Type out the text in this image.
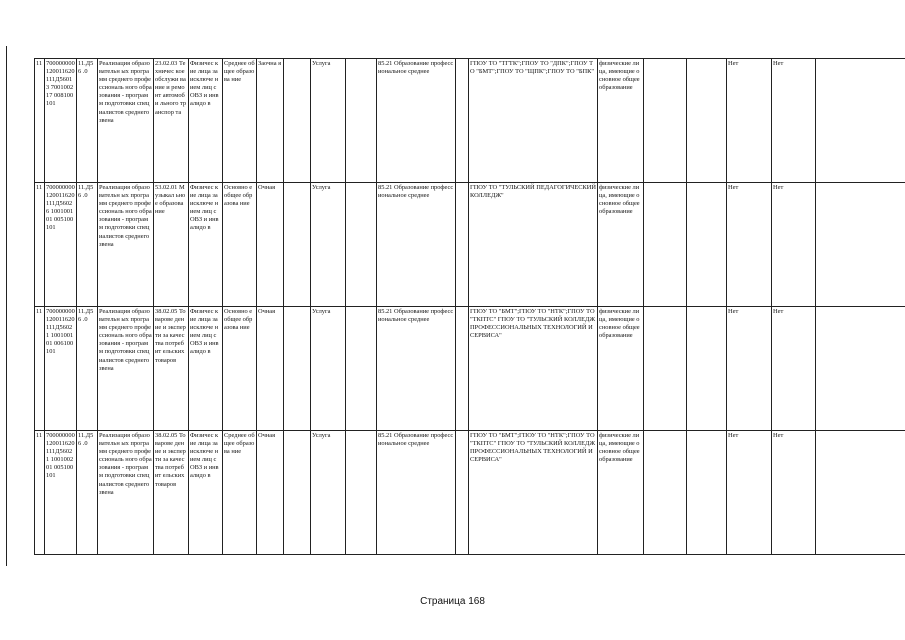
11	700000000 120011620 111Д56013 700100217 008100101	11.Д56 .0	Реализация образовательн ых программ среднего профессиональ ного образования - программ подготовки специалистов среднего звена	23.02.03 Техничес кое обслужи вание и ремонт автомоби льного транспор та	Физичес кие лица за исключе нием лиц с ОВЗ и инвалидо в	Среднее общее образова ние	Заочна я		Услуга		85.21 Образование профессиональное среднее		ГПОУ ТО "ТГТК";ГПОУ ТО "ДПК";ГПОУ ТО "БМТ";ГПОУ ТО "ЩПК";ГПОУ ТО "БПК"	физические лица, имеющие основное общее образование			Нет	Нет	
11	700000000 120011620 111Д56026 100100101 005100101	11.Д56 .0	Реализация образовательн ых программ среднего профессиональ ного образования - программ подготовки специалистов среднего звена	53.02.01 Музыкал ьное образова ние	Физичес кие лица за исключе нием лиц с ОВЗ и инвалидо в	Основно е общее образова ние	Очная		Услуга		85.21 Образование профессиональное среднее		ГПОУ ТО "ТУЛЬСКИЙ ПЕДАГОГИЧЕСКИЙ КОЛЛЕДЖ"	физические лица, имеющие основное общее образование			Нет	Нет	
11	700000000 120011620 111Д56021 100100101 006100101	11.Д56 .0	Реализация образовательн ых программ среднего профессиональ ного образования - программ подготовки специалистов среднего звена	38.02.05 Товарове дение и эксперти за качества потребит ельских товаров	Физичес кие лица за исключе нием лиц с ОВЗ и инвалидо в	Основно е общее образова ние	Очная		Услуга		85.21 Образование профессиональное среднее		ГПОУ ТО "БМТ";ГПОУ ТО "НТК";ГПОУ ТО "ТКПТС" ГПОУ ТО "ТУЛЬСКИЙ КОЛЛЕДЖ ПРОФЕССИОНАЛЬНЫХ ТЕХНОЛОГИЙ И СЕРВИСА"	физические лица, имеющие основное общее образование			Нет	Нет	
11	700000000 120011620 111Д56021 100100201 005100101	11.Д56 .0	Реализация образовательн ых программ среднего профессиональ ного образования - программ подготовки специалистов среднего звена	38.02.05 Товарове дение и эксперти за качества потребит ельских товаров	Физичес кие лица за исключе нием лиц с ОВЗ и инвалидо в	Среднее общее образова ние	Очная		Услуга		85.21 Образование профессиональное среднее		ГПОУ ТО "БМТ";ГПОУ ТО "НТК";ГПОУ ТО "ТКПТС" ГПОУ ТО "ТУЛЬСКИЙ КОЛЛЕДЖ ПРОФЕССИОНАЛЬНЫХ ТЕХНОЛОГИЙ И СЕРВИСА"	физические лица, имеющие основное общее образование			Нет	Нет	
Страница 168
